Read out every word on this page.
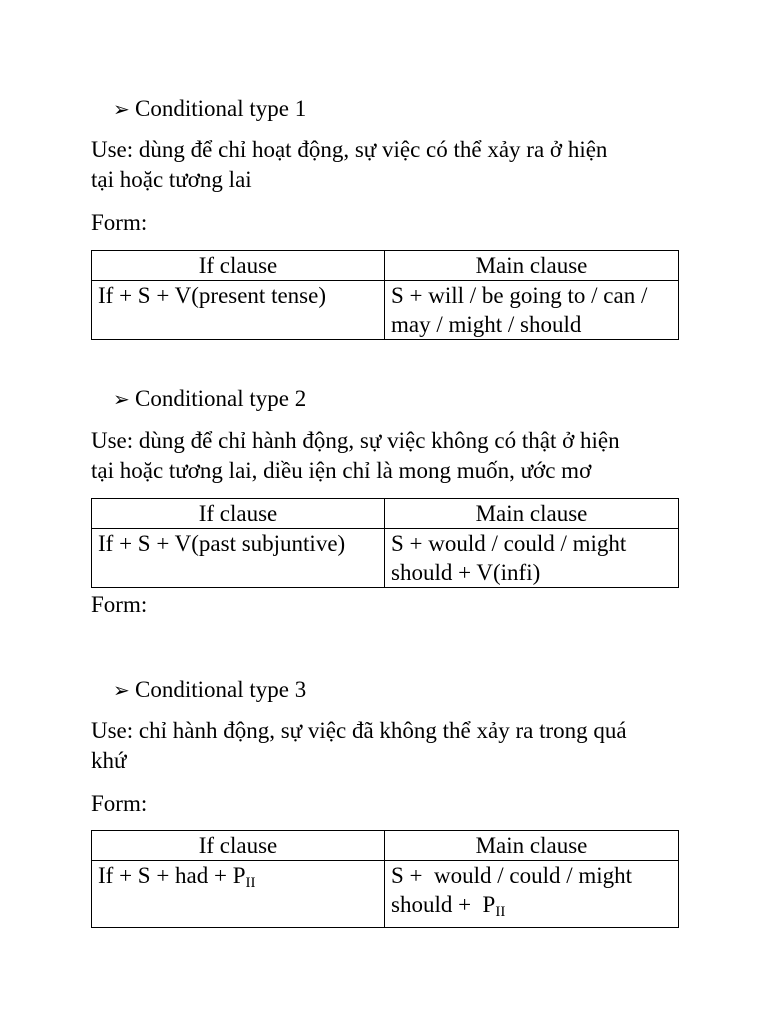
➢ Conditional type 1
Use: dùng để chỉ hoạt động, sự việc có thể xảy ra ở hiện
tại hoặc tương lai
Form:
If clause	Main clause
If + S + V(present tense)	S + will / be going to / can /
may / might / should
➢ Conditional type 2
Use: dùng để chỉ hành động, sự việc không có thật ở hiện
tại hoặc tương lai, diều iện chỉ là mong muốn, ước mơ
If clause	Main clause
If + S + V(past subjuntive)	S + would / could / might
should + V(infi)
Form:
➢ Conditional type 3
Use: chỉ hành động, sự việc đã không thể xảy ra trong quá
khứ
Form:
If clause	Main clause
If + S + had + $P_{II}$	S +  would / could / might
should +  $P_{II}$
